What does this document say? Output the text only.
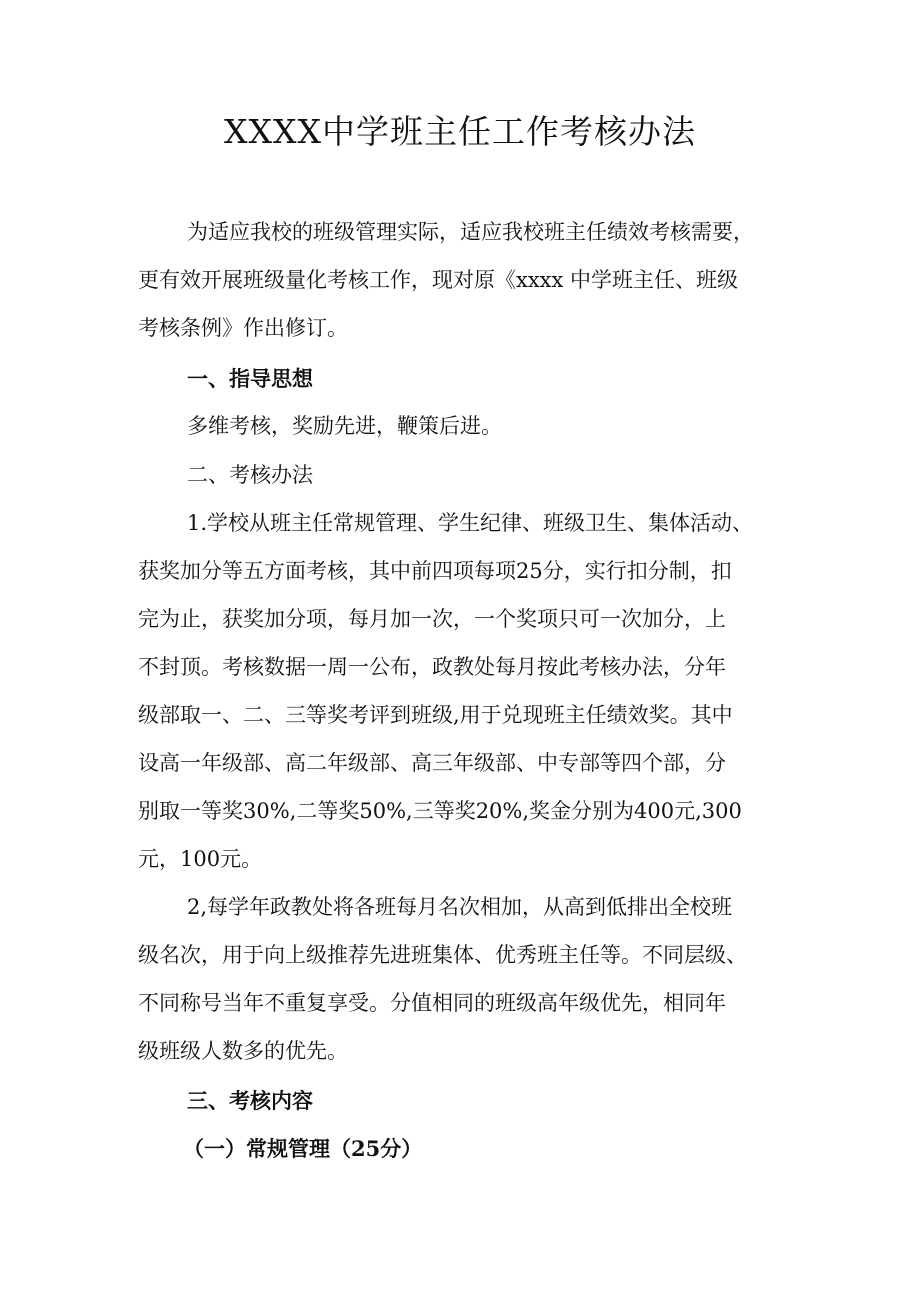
XXXX中学班主任工作考核办法
为适应我校的班级管理实际，适应我校班主任绩效考核需要，
更有效开展班级量化考核工作，现对原《xxxx 中学班主任、班级
考核条例》作出修订。
一、指导思想
多维考核，奖励先进，鞭策后进。
二、考核办法
1.学校从班主任常规管理、学生纪律、班级卫生、集体活动、
获奖加分等五方面考核，其中前四项每项25分，实行扣分制，扣
完为止，获奖加分项，每月加一次，一个奖项只可一次加分，上
不封顶。考核数据一周一公布，政教处每月按此考核办法，分年
级部取一、二、三等奖考评到班级,用于兑现班主任绩效奖。其中
设高一年级部、高二年级部、高三年级部、中专部等四个部，分
别取一等奖30%,二等奖50%,三等奖20%,奖金分别为400元,300
元，100元。
2,每学年政教处将各班每月名次相加，从高到低排出全校班
级名次，用于向上级推荐先进班集体、优秀班主任等。不同层级、
不同称号当年不重复享受。分值相同的班级高年级优先，相同年
级班级人数多的优先。
三、考核内容
（一）常规管理（25分）
